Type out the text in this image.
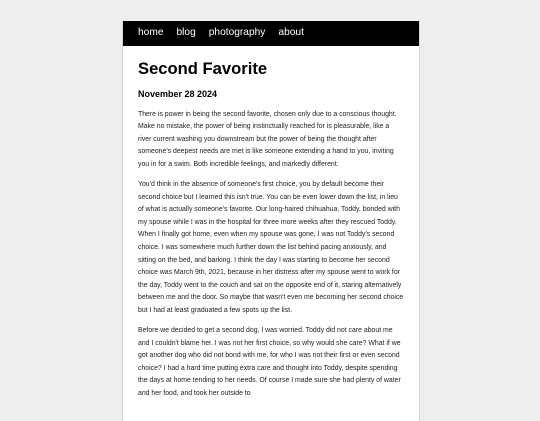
home blog photography about
Second Favorite
November 28 2024

There is power in being the second favorite, chosen only due to a conscious thought. Make no mistake, the power of being instinctually reached for is pleasurable, like a river current washing you downstream but the power of being the thought after someone's deepest needs are met is like someone extending a hand to you, inviting you in for a swim. Both incredible feelings, and markedly different.

You'd think in the absence of someone's first choice, you by default become their second choice but I learned this isn't true. You can be even lower down the list, in lieu of what is actually someone's favorite. Our long-haired chihuahua, Toddy, bonded with my spouse while I was in the hospital for three more weeks after they rescued Toddy. When I finally got home, even when my spouse was gone, I was not Toddy's second choice. I was somewhere much further down the list behind pacing anxiously, and sitting on the bed, and barking. I think the day I was starting to become her second choice was March 9th, 2021, because in her distress after my spouse went to work for the day, Toddy went to the couch and sat on the opposite end of it, staring alternatively between me and the door. So maybe that wasn't even me becoming her second choice but I had at least graduated a few spots up the list.

Before we decided to get a second dog, I was worried. Toddy did not care about me and I couldn't blame her. I was not her first choice, so why would she care? What if we got another dog who did not bond with me, for who I was not their first or even second choice? I had a hard time putting extra care and thought into Toddy, despite spending the days at home tending to her needs. Of course I made sure she had plenty of water and her food, and took her outside to
